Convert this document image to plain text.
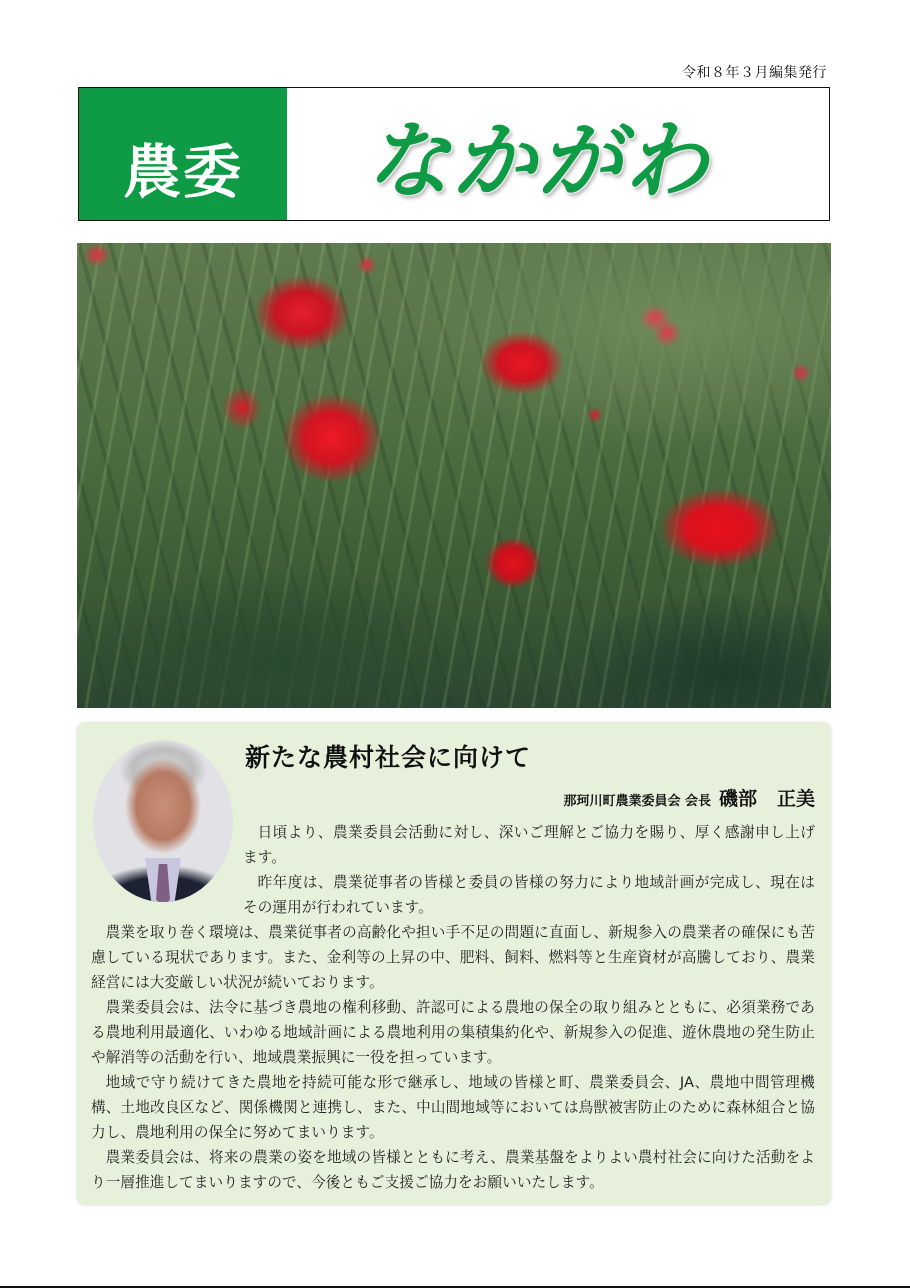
令和８年３月編集発行
農委 なかがわ
新たな農村社会に向けて
那珂川町農業委員会 会長 磯部 正美

日頃より、農業委員会活動に対し、深いご理解とご協力を賜り、厚く感謝申し上げます。

昨年度は、農業従事者の皆様と委員の皆様の努力により地域計画が完成し、現在はその運用が行われています。

農業を取り巻く環境は、農業従事者の高齢化や担い手不足の問題に直面し、新規参入の農業者の確保にも苦慮している現状であります。また、金利等の上昇の中、肥料、飼料、燃料等と生産資材が高騰しており、農業経営には大変厳しい状況が続いております。

農業委員会は、法令に基づき農地の権利移動、許認可による農地の保全の取り組みとともに、必須業務である農地利用最適化、いわゆる地域計画による農地利用の集積集約化や、新規参入の促進、遊休農地の発生防止や解消等の活動を行い、地域農業振興に一役を担っています。

地域で守り続けてきた農地を持続可能な形で継承し、地域の皆様と町、農業委員会、JA、農地中間管理機構、土地改良区など、関係機関と連携し、また、中山間地域等においては鳥獣被害防止のために森林組合と協力し、農地利用の保全に努めてまいります。

農業委員会は、将来の農業の姿を地域の皆様とともに考え、農業基盤をよりよい農村社会に向けた活動をより一層推進してまいりますので、今後ともご支援ご協力をお願いいたします。
